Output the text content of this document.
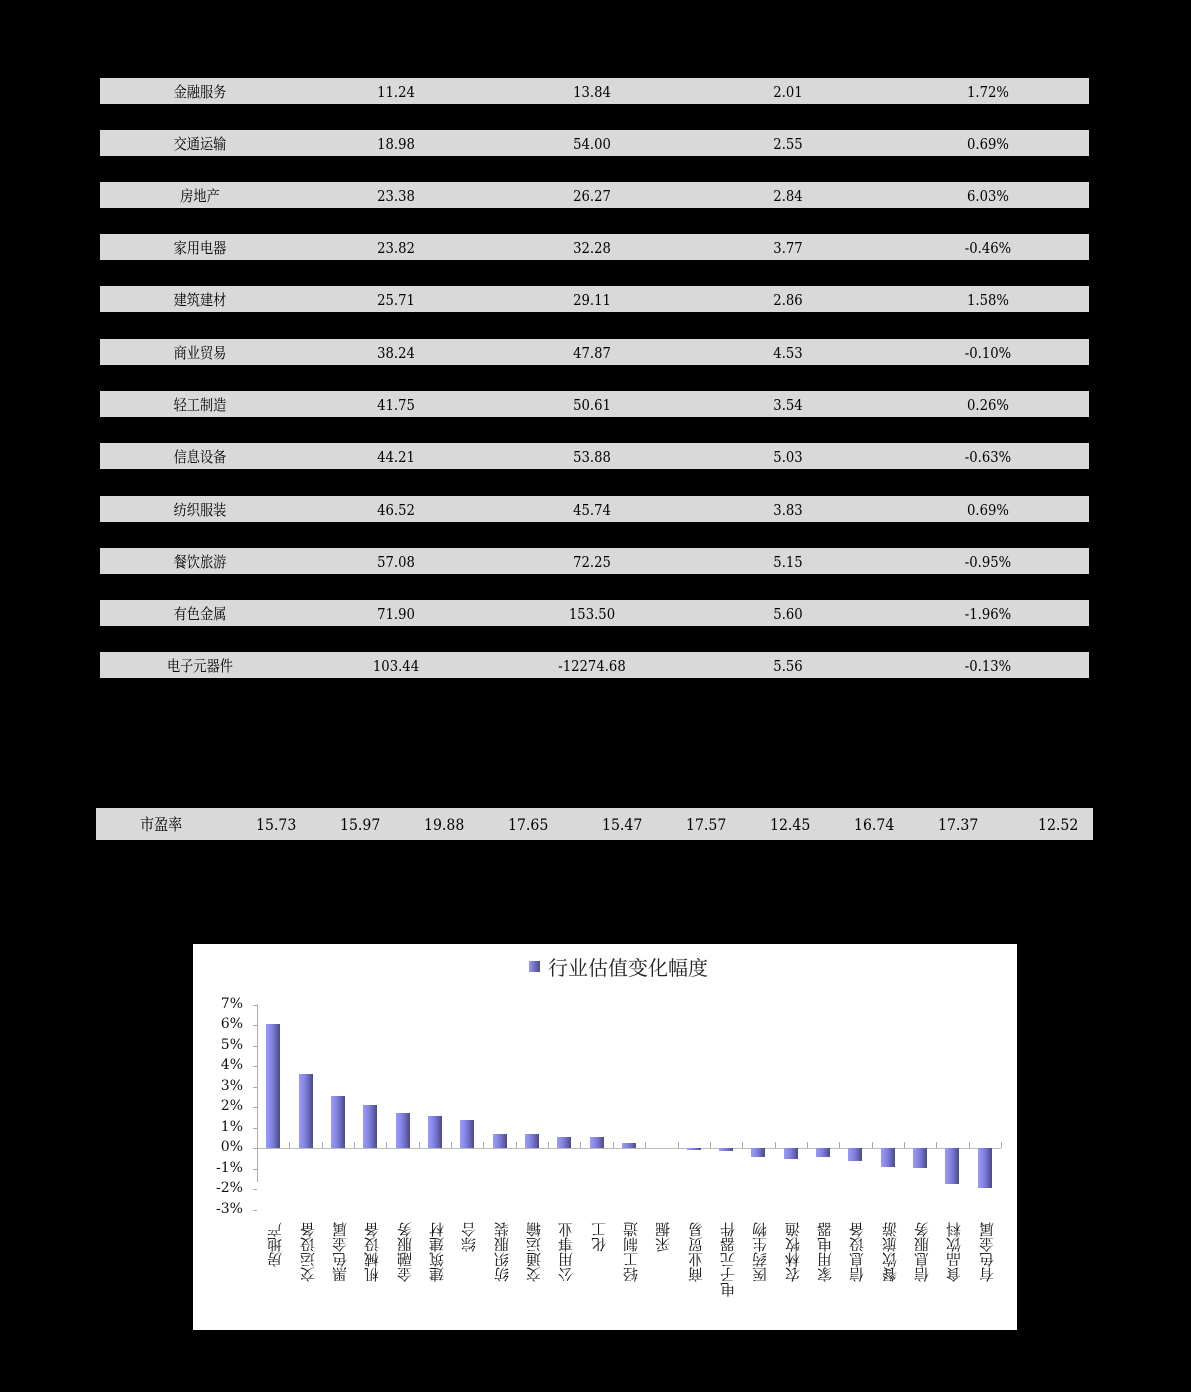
金融服务	11.24	13.84	2.01	1.72%
交通运输	18.98	54.00	2.55	0.69%
房地产	23.38	26.27	2.84	6.03%
家用电器	23.82	32.28	3.77	-0.46%
建筑建材	25.71	29.11	2.86	1.58%
商业贸易	38.24	47.87	4.53	-0.10%
轻工制造	41.75	50.61	3.54	0.26%
信息设备	44.21	53.88	5.03	-0.63%
纺织服装	46.52	45.74	3.83	0.69%
餐饮旅游	57.08	72.25	5.15	-0.95%
有色金属	71.90	153.50	5.60	-1.96%
电子元器件	103.44	-12274.68	5.56	-0.13%
市盈率	15.73	15.97	19.88	17.65	15.47	17.57	12.45	16.74	17.37	12.52
行业估值变化幅度
7%
6%
5%
4%
3%
2%
1%
0%
-1%
-2%
-3%
房地产 交运设备 黑色金属 机械设备 金融服务 建筑建材 综合 纺织服装 交通运输 公用事业 化工 轻工制造 采掘 商业贸易 电子元器件 医药生物 农林牧渔 家用电器 信息设备 餐饮旅游 信息服务 食品饮料 有色金属
